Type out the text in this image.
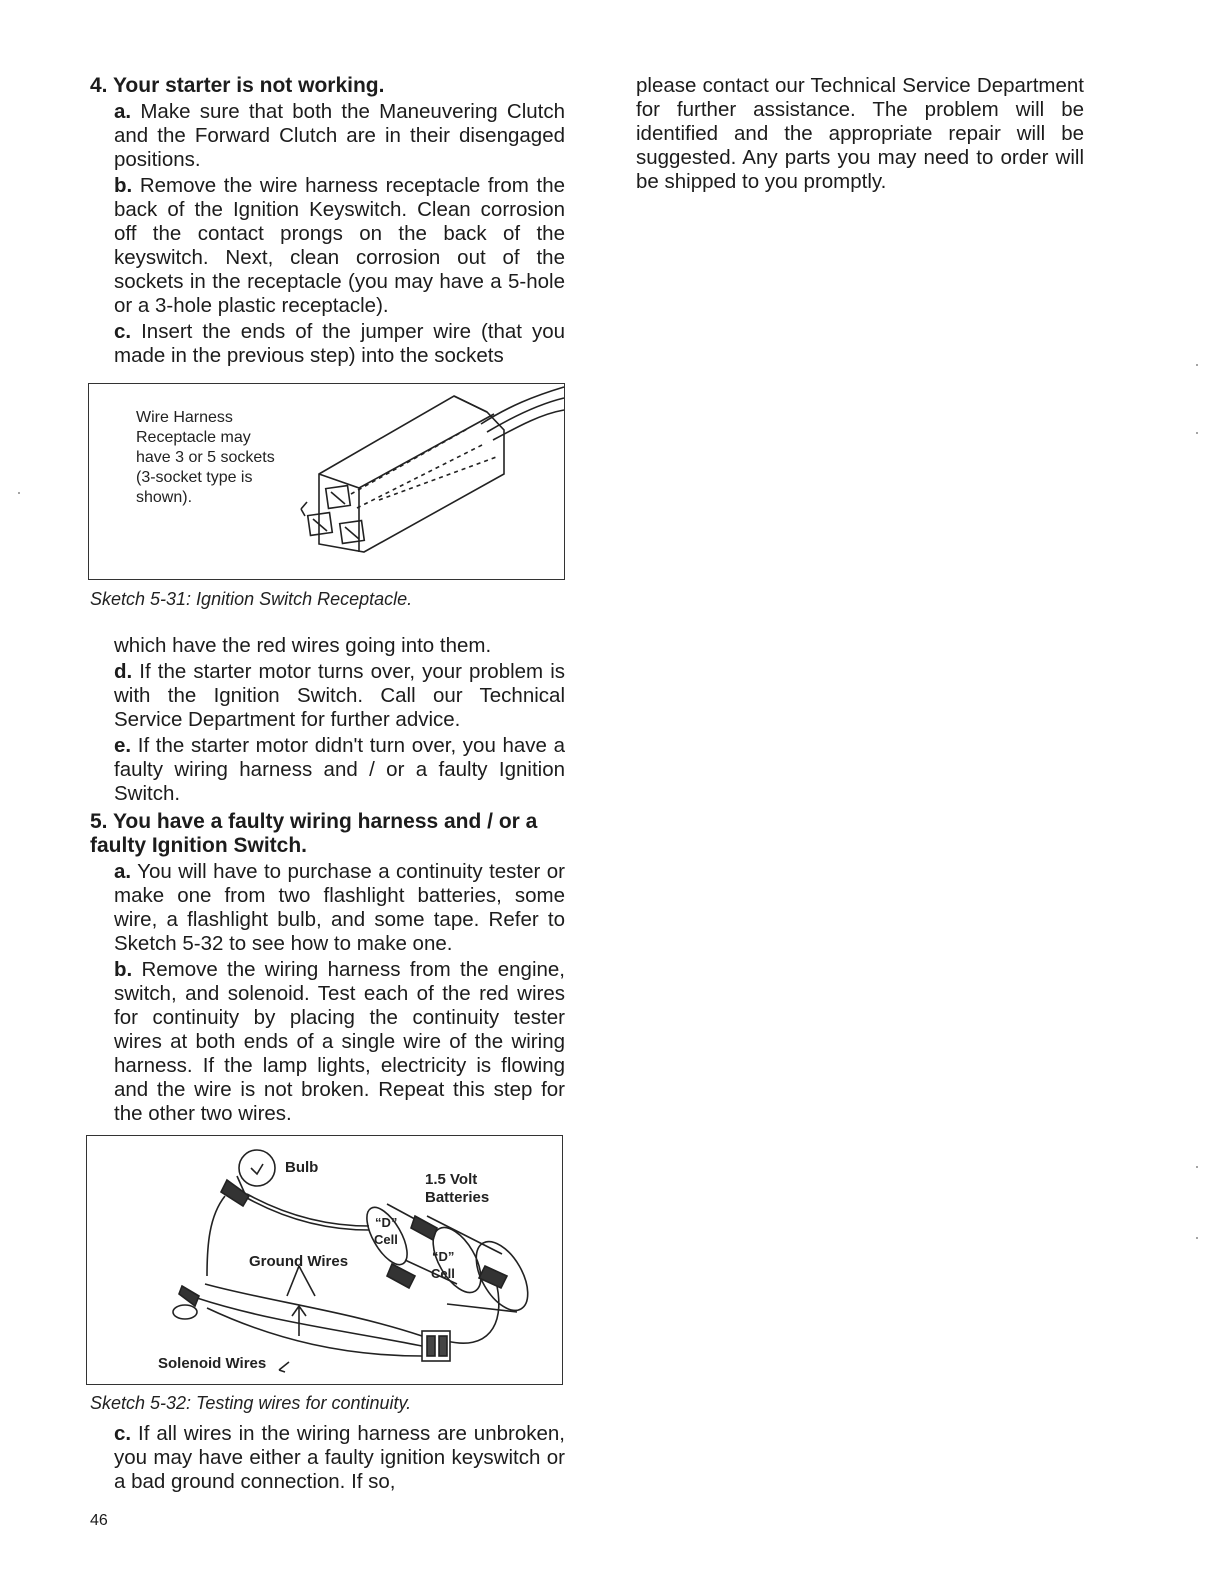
4. Your starter is not working.

a. Make sure that both the Maneuvering Clutch and the Forward Clutch are in their disengaged positions.

b. Remove the wire harness receptacle from the back of the Ignition Keyswitch. Clean corrosion off the contact prongs on the back of the keyswitch. Next, clean corrosion out of the sockets in the receptacle (you may have a 5-hole or a 3-hole plastic receptacle).

c. Insert the ends of the jumper wire (that you made in the previous step) into the sockets

Wire Harness Receptacle may have 3 or 5 sockets (3-socket type is shown).
Sketch 5-31: Ignition Switch Receptacle.

which have the red wires going into them.

d. If the starter motor turns over, your problem is with the Ignition Switch. Call our Technical Service Department for further advice.

e. If the starter motor didn't turn over, you have a faulty wiring harness and / or a faulty Ignition Switch.

5. You have a faulty wiring harness and / or a faulty Ignition Switch.

a. You will have to purchase a continuity tester or make one from two flashlight batteries, some wire, a flashlight bulb, and some tape. Refer to Sketch 5-32 to see how to make one.

b. Remove the wiring harness from the engine, switch, and solenoid. Test each of the red wires for continuity by placing the continuity tester wires at both ends of a single wire of the wiring harness. If the lamp lights, electricity is flowing and the wire is not broken. Repeat this step for the other two wires.

Bulb
1.5 Volt
Batteries
“D”
Cell
“D”
Cell
Ground Wires
Solenoid Wires
Sketch 5-32: Testing wires for continuity.

c. If all wires in the wiring harness are unbroken, you may have either a faulty ignition keyswitch or a bad ground connection. If so,

please contact our Technical Service Department for further assistance. The problem will be identified and the appropriate repair will be suggested. Any parts you may need to order will be shipped to you promptly.
46
